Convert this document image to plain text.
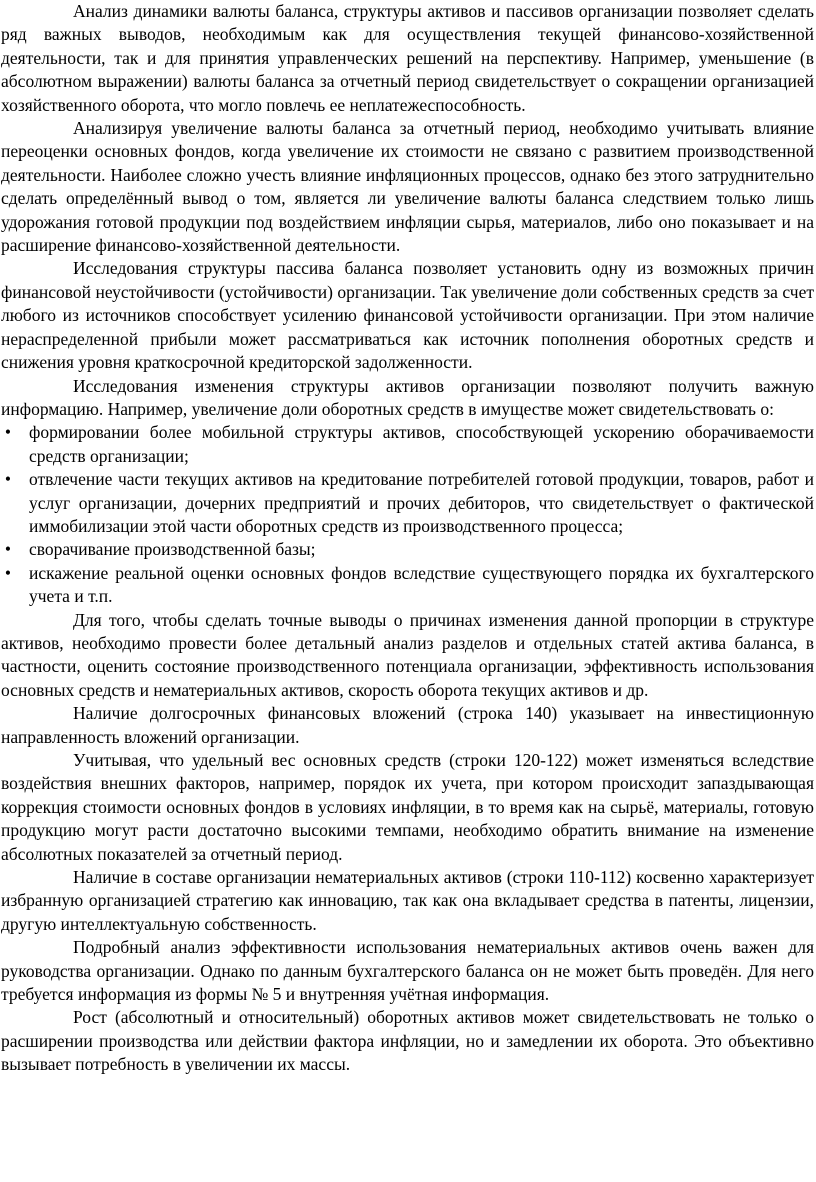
Анализ динамики валюты баланса, структуры активов и пассивов организации позволяет сделать ряд важных выводов, необходимым как для осуществления текущей финансово-хозяйственной деятельности, так и для принятия управленческих решений на перспективу. Например, уменьшение (в абсолютном выражении) валюты баланса за отчетный период свидетельствует о сокращении организацией хозяйственного оборота, что могло повлечь ее неплатежеспособность.

Анализируя увеличение валюты баланса за отчетный период, необходимо учитывать влияние переоценки основных фондов, когда увеличение их стоимости не связано с развитием производственной деятельности. Наиболее сложно учесть влияние инфляционных процессов, однако без этого затруднительно сделать определённый вывод о том, является ли увеличение валюты баланса следствием только лишь удорожания готовой продукции под воздействием инфляции сырья, материалов, либо оно показывает и на расширение финансово-хозяйственной деятельности.

Исследования структуры пассива баланса позволяет установить одну из возможных причин финансовой неустойчивости (устойчивости) организации. Так увеличение доли собственных средств за счет любого из источников способствует усилению финансовой устойчивости организации. При этом наличие нераспределенной прибыли может рассматриваться как источник пополнения оборотных средств и снижения уровня краткосрочной кредиторской задолженности.

Исследования изменения структуры активов организации позволяют получить важную информацию. Например, увеличение доли оборотных средств в имуществе может свидетельствовать о:

• формировании более мобильной структуры активов, способствующей ускорению оборачиваемости средств организации;
• отвлечение части текущих активов на кредитование потребителей готовой продукции, товаров, работ и услуг организации, дочерних предприятий и прочих дебиторов, что свидетельствует о фактической иммобилизации этой части оборотных средств из производственного процесса;
• сворачивание производственной базы;
• искажение реальной оценки основных фондов вследствие существующего порядка их бухгалтерского учета и т.п.

Для того, чтобы сделать точные выводы о причинах изменения данной пропорции в структуре активов, необходимо провести более детальный анализ разделов и отдельных статей актива баланса, в частности, оценить состояние производственного потенциала организации, эффективность использования основных средств и нематериальных активов, скорость оборота текущих активов и др.

Наличие долгосрочных финансовых вложений (строка 140) указывает на инвестиционную направленность вложений организации.

Учитывая, что удельный вес основных средств (строки 120-122) может изменяться вследствие воздействия внешних факторов, например, порядок их учета, при котором происходит запаздывающая коррекция стоимости основных фондов в условиях инфляции, в то время как на сырьё, материалы, готовую продукцию могут расти достаточно высокими темпами, необходимо обратить внимание на изменение абсолютных показателей за отчетный период.

Наличие в составе организации нематериальных активов (строки 110-112) косвенно характеризует избранную организацией стратегию как инновацию, так как она вкладывает средства в патенты, лицензии, другую интеллектуальную собственность.

Подробный анализ эффективности использования нематериальных активов очень важен для руководства организации. Однако по данным бухгалтерского баланса он не может быть проведён. Для него требуется информация из формы № 5 и внутренняя учётная информация.

Рост (абсолютный и относительный) оборотных активов может свидетельствовать не только о расширении производства или действии фактора инфляции, но и замедлении их оборота. Это объективно вызывает потребность в увеличении их массы.
